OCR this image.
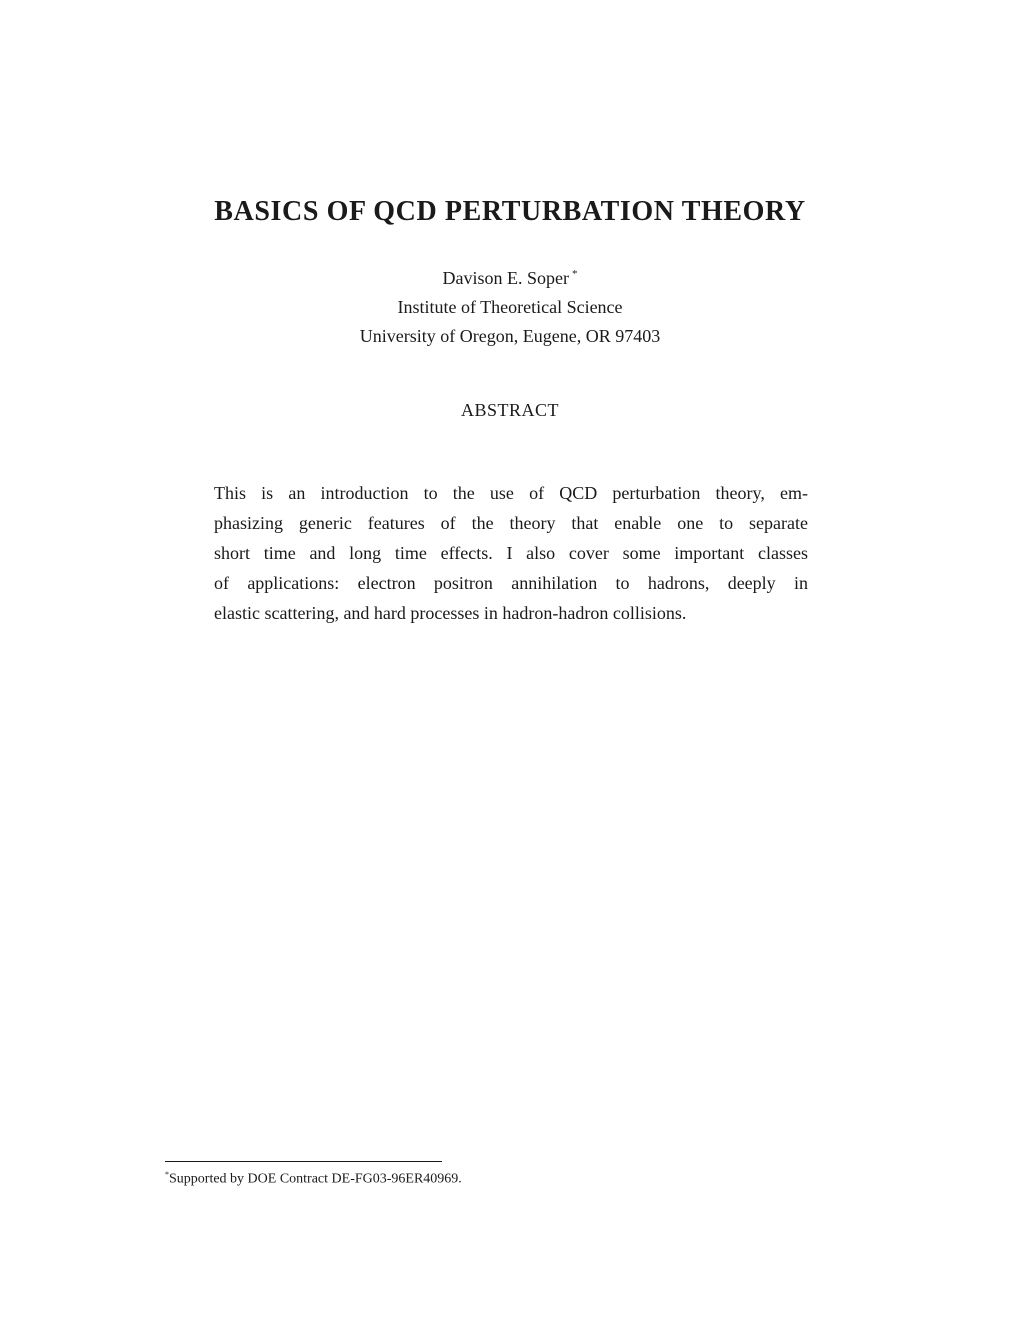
BASICS OF QCD PERTURBATION THEORY
Davison E. Soper *
Institute of Theoretical Science
University of Oregon, Eugene, OR 97403
ABSTRACT
This is an introduction to the use of QCD perturbation theory, em-
phasizing generic features of the theory that enable one to separate
short time and long time effects. I also cover some important classes
of applications: electron positron annihilation to hadrons, deeply in
elastic scattering, and hard processes in hadron-hadron collisions.
*Supported by DOE Contract DE-FG03-96ER40969.
